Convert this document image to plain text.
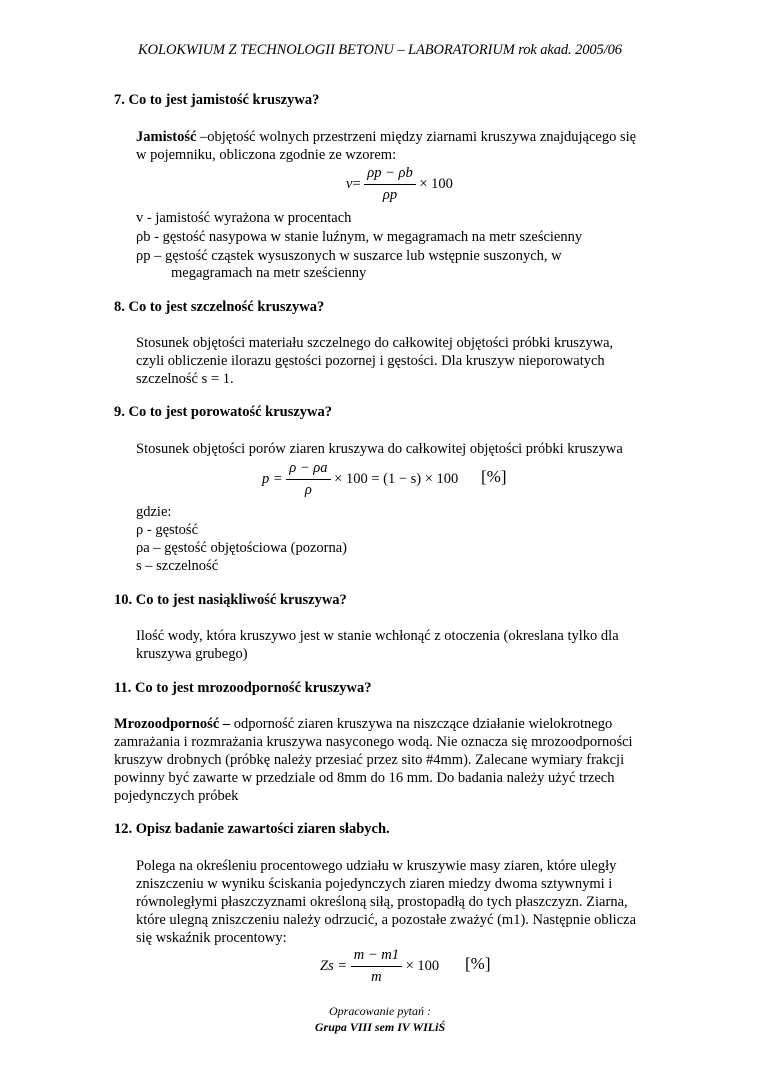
KOLOKWIUM Z TECHNOLOGII BETONU – LABORATORIUM rok akad. 2005/06
7. Co to jest jamistość kruszywa?
Jamistość –objętość wolnych przestrzeni między ziarnami kruszywa znajdującego się
w pojemniku, obliczona zgodnie ze wzorem:
$v= \frac{\rho p - \rho b}{\rho p} \times 100$
v - jamistość wyrażona w procentach
ρb - gęstość nasypowa w stanie luźnym, w megagramach na metr sześcienny
ρp – gęstość cząstek wysuszonych w suszarce lub wstępnie suszonych, w
megagramach na metr sześcienny
8. Co to jest szczelność kruszywa?
Stosunek objętości materiału szczelnego do całkowitej objętości próbki kruszywa,
czyli obliczenie ilorazu gęstości pozornej i gęstości. Dla kruszyw nieporowatych
szczelność s = 1.
9. Co to jest porowatość kruszywa?
Stosunek objętości porów ziaren kruszywa do całkowitej objętości próbki kruszywa
$p = \frac{\rho - \rho a}{\rho} \times 100 = (1 - s) \times 100$ [%]
gdzie:
ρ - gęstość
ρa – gęstość objętościowa (pozorna)
s – szczelność
10. Co to jest nasiąkliwość kruszywa?
Ilość wody, która kruszywo jest w stanie wchłonąć z otoczenia (okreslana tylko dla
kruszywa grubego)
11. Co to jest mrozoodporność kruszywa?
Mrozoodporność – odporność ziaren kruszywa na niszczące działanie wielokrotnego
zamrażania i rozmrażania kruszywa nasyconego wodą. Nie oznacza się mrozoodporności
kruszyw drobnych (próbkę należy przesiać przez sito #4mm). Zalecane wymiary frakcji
powinny być zawarte w przedziale od 8mm do 16 mm. Do badania należy użyć trzech
pojedynczych próbek
12. Opisz badanie zawartości ziaren słabych.
Polega na określeniu procentowego udziału w kruszywie masy ziaren, które uległy
zniszczeniu w wyniku ściskania pojedynczych ziaren miedzy dwoma sztywnymi i
równoległymi płaszczyznami określoną siłą, prostopadłą do tych płaszczyzn. Ziarna,
które ulegną zniszczeniu należy odrzucić, a pozostałe zważyć (m1). Następnie oblicza
się wskaźnik procentowy:
$Zs = \frac{m - m1}{m} \times 100$ [%]
Opracowanie pytań :
Grupa VIII sem IV WILiŚ
